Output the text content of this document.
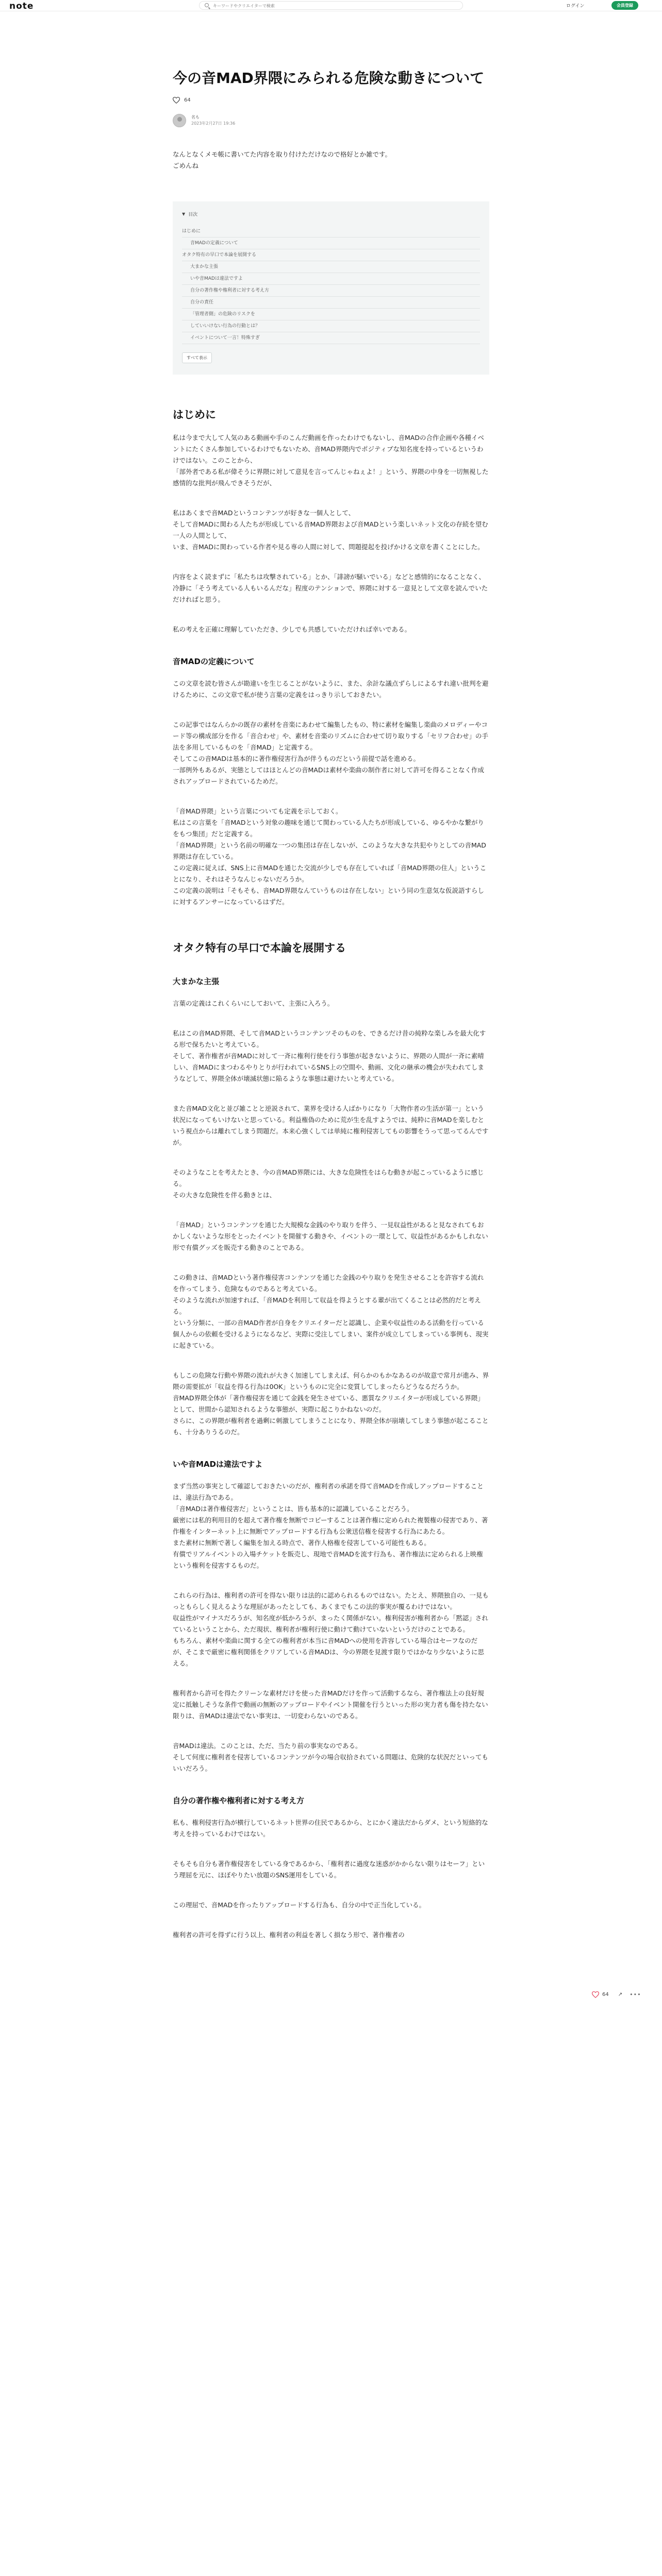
note
キーワードやクリエイターで検索	ログイン	会員登録
今の音MAD界隈にみられる危険な動きについて
64
名も
2023年2月27日 19:36

なんとなくメモ帳に書いてた内容を取り付けただけなので格好とか雑です。
ごめんね

▼ 目次
はじめに
音MADの定義について
オタク特有の早口で本論を展開する
大まかな主張
いや音MADは違法ですよ
自分の著作権や権利者に対する考え方
自分の責任
「管理者側」の危険のリスクを
していいけない行為の行動とは？
イベントについて一言！特殊すぎ
すべて表示
はじめに

私は今まで大して人気のある動画や手のこんだ動画を作ったわけでもないし、音MADの合作企画や各種イベントにたくさん参加しているわけでもないため、音MAD界隈内でポジティブな知名度を持っているというわけではない。このことから、
「部外者である私が偉そうに界隈に対して意見を言ってんじゃねぇよ！」という、界隈の中身を一切無視した感情的な批判が飛んできそうだが、

私はあくまで音MADというコンテンツが好きな一個人として、
そして音MADに関わる人たちが形成している音MAD界隈および音MADという楽しいネット文化の存続を望む一人の人間として、
いま、音MADに関わっている作者や見る専の人間に対して、問題提起を投げかける文章を書くことにした。

内容をよく読まずに「私たちは攻撃されている」とか、「誹謗が騒いでいる」などと感情的になることなく、冷静に「そう考えている人もいるんだな」程度のテンションで、界隈に対する一意見として文章を読んでいただければと思う。

私の考えを正確に理解していただき、少しでも共感していただければ幸いである。

音MADの定義について

この文章を読む皆さんが勘違いを生じることがないように、また、余計な議点ずらしによるすれ違い批判を避けるために、この文章で私が使う言葉の定義をはっきり示しておきたい。

この記事ではなんらかの既存の素材を音楽にあわせて編集したもの、特に素材を編集し楽曲のメロディーやコード等の構成部分を作る「音合わせ」や、素材を音楽のリズムに合わせて切り取りする「セリフ合わせ」の手法を多用しているものを「音MAD」と定義する。
そしてこの音MADは基本的に著作権侵害行為が伴うものだという前提で話を進める。
一部例外もあるが、実態としてはほとんどの音MADは素材や楽曲の制作者に対して許可を得ることなく作成されアップロードされているためだ。

「音MAD界隈」という言葉についても定義を示しておく。
私はこの言葉を「音MADという対象の趣味を通じて関わっている人たちが形成している、ゆるやかな繋がりをもつ集団」だと定義する。
「音MAD界隈」という名前の明確な一つの集団は存在しないが、このような大きな共犯やりとしての音MAD界隈は存在している。
この定義に従えば、SNS上に音MADを通じた交流が少しでも存在していれば「音MAD界隈の住人」ということになり、それはそうなんじゃないだろうか。
この定義の説明は「そもそも、音MAD界隈なんていうものは存在しない」という同の生意気な仮説語すらしに対するアンサーになっているはずだ。

オタク特有の早口で本論を展開する
大まかな主張

言葉の定義はこれくらいにしておいて、主張に入ろう。

私はこの音MAD界隈、そして音MADというコンテンツそのものを、できるだけ昔の純粋な楽しみを最大化する形で保ちたいと考えている。
そして、著作権者が音MADに対して一斉に権利行使を行う事態が起きないように、界隈の人間が一斉に素晴しい、音MADにまつわるやりとりが行われているSNS上の空間や、動画、文化の継承の機会が失われてしまうなどして、界隈全体が壊滅状態に陥るような事態は避けたいと考えている。

また音MAD文化と並び雑ことと逆説されて、業界を受ける人ばかりになり「大物作者の生活が第一」という状況になってもいけないと思っている。利益権偽のために荒が生を乱すようでは、純粋に音MADを楽しむという視点からは離れてしまう問題だ。本来心強くしては単純に権利侵害してもの影響をうって思ってるんですが。

そのようなことを考えたとき、今の音MAD界隈には、大きな危険性をはらむ動きが起こっているように感じる。
その大きな危険性を伴る動きとは、

「音MAD」というコンテンツを通じた大規模な金銭のやり取りを伴う、一見収益性があると見なされてもおかしくないような形をとったイベントを開催する動きや、イベントの一環として、収益性があるかもしれない形で有償グッズを販売する動きのことである。

この動きは、音MADという著作権侵害コンテンツを通じた金銭のやり取りを発生させることを許容する流れを作ってしまう、危険なものであると考えている。
そのような流れが加速すれば、「音MADを利用して収益を得ようとする輩が出てくることは必然的だと考える。
という分類に、一部の音MAD作者が自身をクリエイターだと認識し、企業や収益性のある活動を行っている個人からの依頼を受けるようになるなど、実際に受注してしまい、案件が成立してしまっている事例も、現実に起きている。

もしこの危険な行動や界隈の流れが大きく加速してしまえば、何らかのもかなあるのが故意で常月が進み、界隈の需要拡が「収益を得る行為は0OK」というものに完全に変質してしまったらどうなるだろうか。
音MAD界隈全体が「著作権侵害を通じて金銭を発生させている、悪質なクリエイターが形成している界隈」として、世間から認知されるような事態が、実際に起こりかねないのだ。
さらに、この界隈が権利者を過剰に刺激してしまうことになり、界隈全体が崩壊してしまう事態が起こることも、十分ありうるのだ。

いや音MADは違法ですよ

まず当然の事実として確認しておきたいのだが、権利者の承諾を得て音MADを作成しアップロードすることは、違法行為である。
「音MADは著作権侵害だ」ということは、皆も基本的に認識していることだろう。
厳密には私的利用目的を超えて著作権を無断でコピーすることは著作権に定められた複製権の侵害であり、著作権をインターネット上に無断でアップロードする行為も公衆送信権を侵害する行為にあたる。
また素材に無断で著しく編集を加える時点で、著作人格権を侵害している可能性もある。
有償でリアルイベントの入場チケットを販売し、現地で音MADを流す行為も、著作権法に定められる上映権という権利を侵害するものだ。

これらの行為は、権利者の許可を得ない限りは法的に認められるものではない。たとえ、界隈独自の、一見もっともらしく見えるような理屈があったとしても、あくまでもこの法的事実が覆るわけではない。
収益性がマイナスだろうが、知名度が低かろうが、まったく関係がない。権利侵害が権利者から「黙認」されているということから、ただ現状、権利者が権利行使に動けて動けていないというだけのことである。
もちろん、素材や楽曲に関する全ての権利者が本当に音MADへの使用を許容している場合はセーフなのだが、そこまで厳密に権利関係をクリアしている音MADは、今の界隈を見渡す限りではかなり少ないように思える。

権利者から許可を得たクリーンな素材だけを使った音MADだけを作って活動するなら、著作権法上の良好規定に抵触しそうな条件で動画の無断のアップロードやイベント開催を行うといった形の実力者も傷を持たない限りは、音MADは違法でない事実は、一切変わらないのである。

音MADは違法。このことは、ただ、当たり前の事実なのである。
そして何度に権利者を侵害しているコンテンツが今の場合収拾されている問題は、危険的な状況だといってもいいだろう。

自分の著作権や権利者に対する考え方

私も、権利侵害行為が横行しているネット世界の住民であるから、とにかく違法だからダメ、という短絡的な考えを持っているわけではない。

そもそも自分も著作権侵害をしている身であるから、「権利者に過度な迷惑がかからない限りはセーフ」という理屈を元に、ほぼやりたい放題のSNS運用をしている。

この理屈で、音MADを作ったりアップロードする行為も、自分の中で正当化している。

権利者の許可を得ずに行う以上、権利者の利益を著しく損なう形で、著作権者の

64 ↗ •••
